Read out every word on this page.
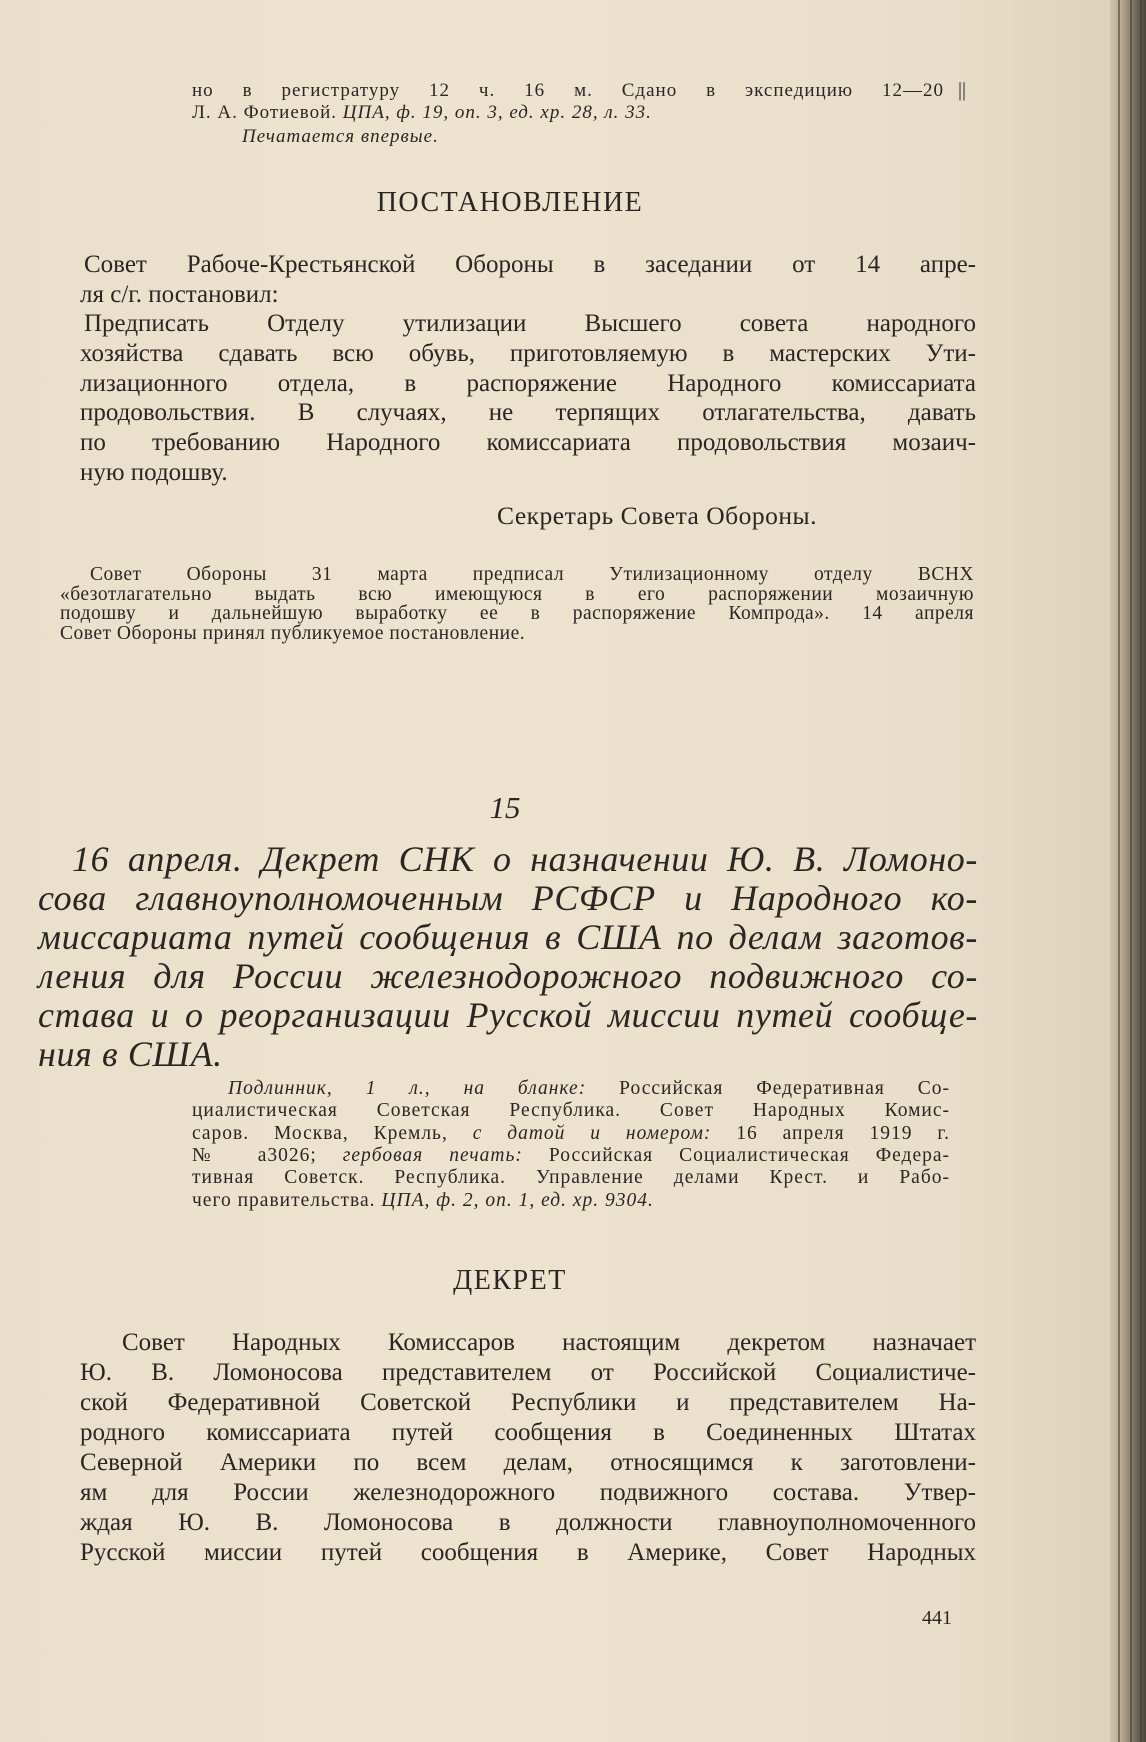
но в регистратуру 12 ч. 16 м. Сдано в экспедицию 12—20 ||
Л. А. Фотиевой. ЦПА, ф. 19, оп. 3, ед. хр. 28, л. 33.
Печатается впервые.
ПОСТАНОВЛЕНИЕ
Совет Рабоче-Крестьянской Обороны в заседании от 14 апре-
ля с/г. постановил:
Предписать Отделу утилизации Высшего совета народного
хозяйства сдавать всю обувь, приготовляемую в мастерских Ути-
лизационного отдела, в распоряжение Народного комиссариата
продовольствия. В случаях, не терпящих отлагательства, давать
по требованию Народного комиссариата продовольствия мозаич-
ную подошву.
Секретарь Совета Обороны.
Совет Обороны 31 марта предписал Утилизационному отделу ВСНХ
«безотлагательно выдать всю имеющуюся в его распоряжении мозаичную
подошву и дальнейшую выработку ее в распоряжение Компрода». 14 апреля
Совет Обороны принял публикуемое постановление.
15
16 апреля. Декрет СНК о назначении Ю. В. Ломоно-
сова главноуполномоченным РСФСР и Народного ко-
миссариата путей сообщения в США по делам заготов-
ления для России железнодорожного подвижного со-
става и о реорганизации Русской миссии путей сообще-
ния в США.
Подлинник, 1 л., на бланке: Российская Федеративная Со-
циалистическая Советская Республика. Совет Народных Комис-
саров. Москва, Кремль, с датой и номером: 16 апреля 1919 г.
№ а3026; гербовая печать: Российская Социалистическая Федера-
тивная Советск. Республика. Управление делами Крест. и Рабо-
чего правительства. ЦПА, ф. 2, оп. 1, ед. хр. 9304.
ДЕКРЕТ
Совет Народных Комиссаров настоящим декретом назначает
Ю. В. Ломоносова представителем от Российской Социалистиче-
ской Федеративной Советской Республики и представителем На-
родного комиссариата путей сообщения в Соединенных Штатах
Северной Америки по всем делам, относящимся к заготовлени-
ям для России железнодорожного подвижного состава. Утвер-
ждая Ю. В. Ломоносова в должности главноуполномоченного
Русской миссии путей сообщения в Америке, Совет Народных
441
